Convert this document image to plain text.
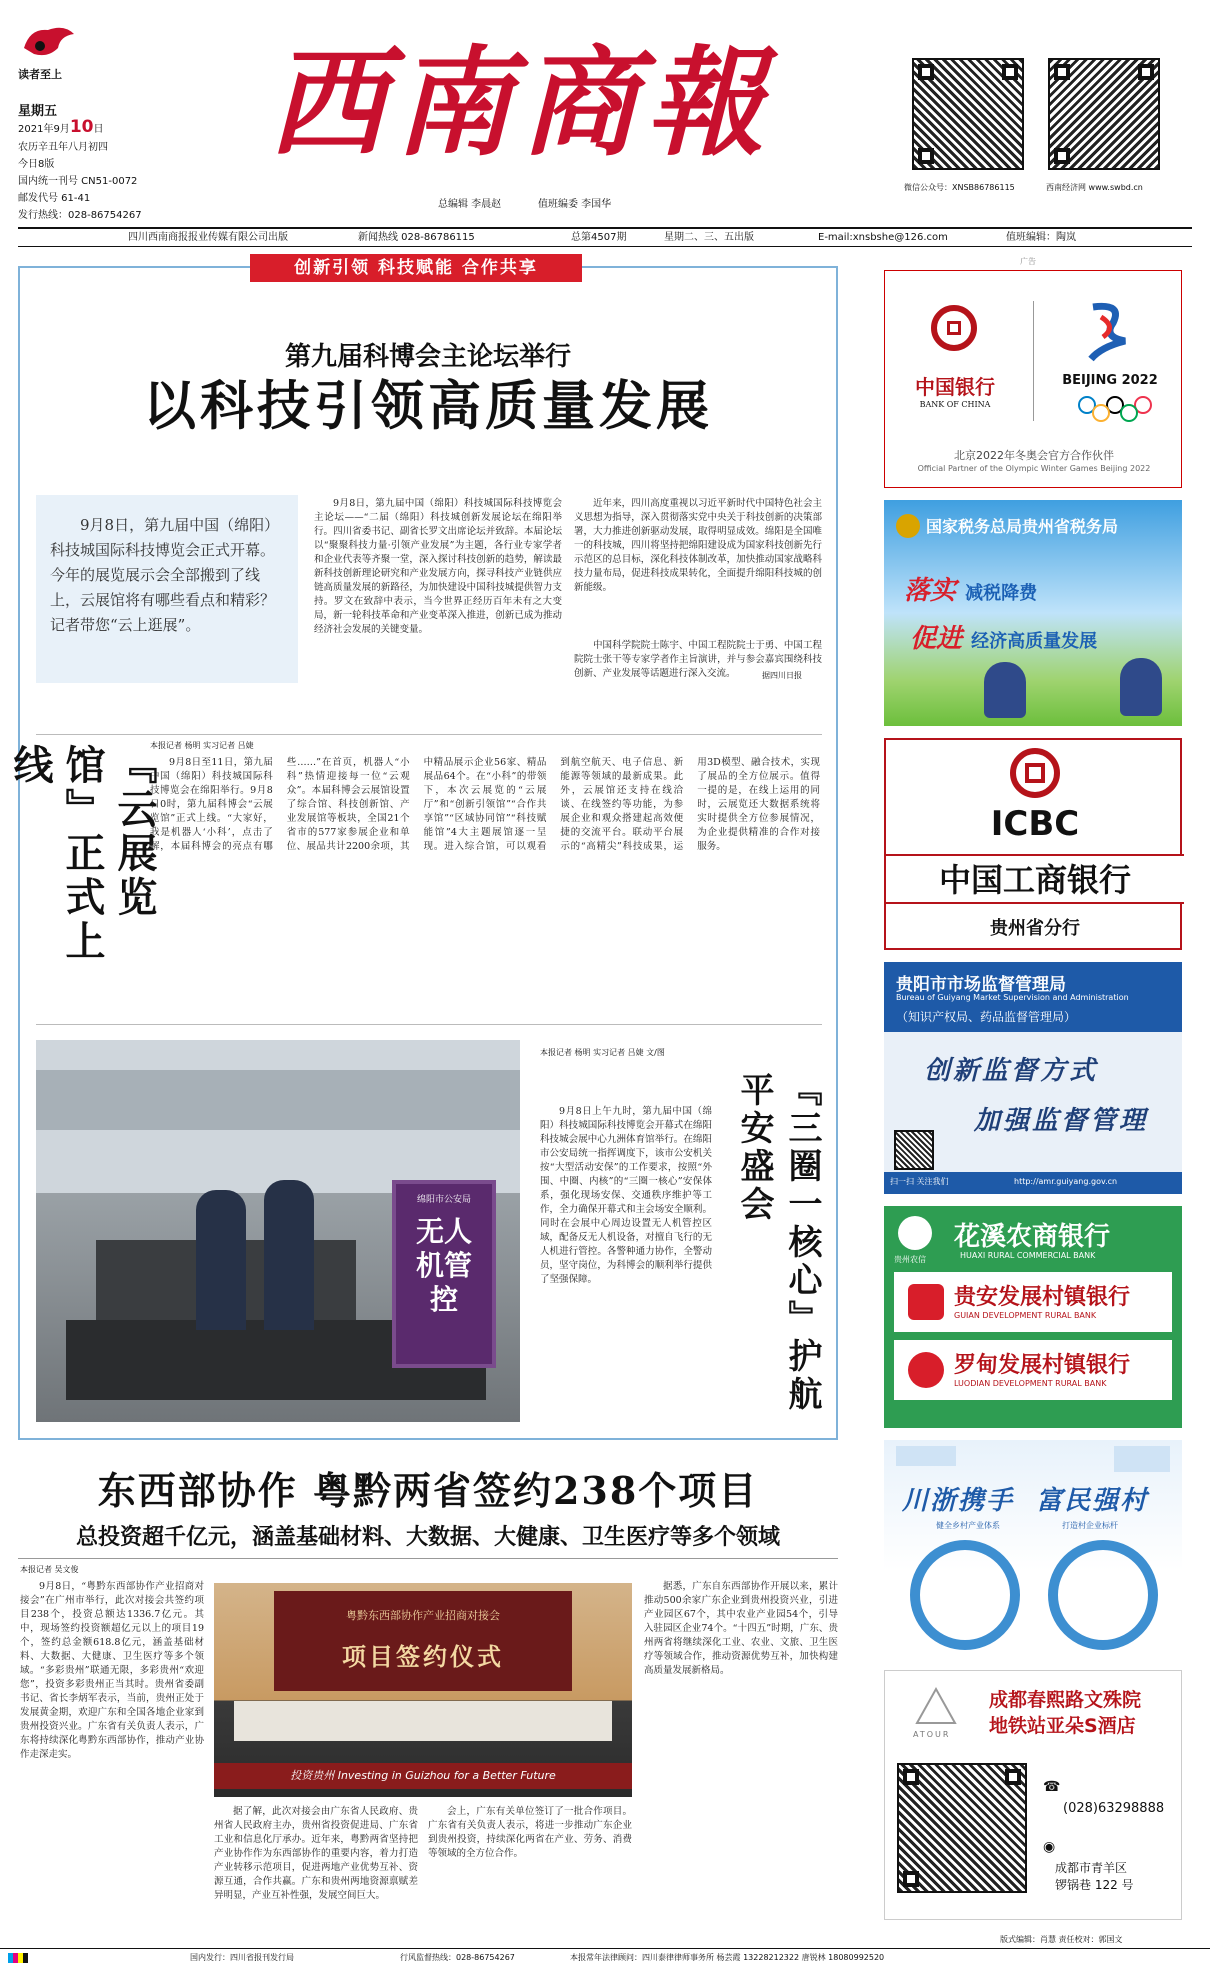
读者至上
星期五
2021年9月10日
农历辛丑年八月初四
今日8版
国内统一刊号 CN51-0072
邮发代号 61-41
发行热线：028-86754267
西南商報
总编辑 李晨赵	值班编委 李国华
微信公众号：XNSB86786115	西南经济网 www.swbd.cn
四川西南商报报业传媒有限公司出版	新闻热线 028-86786115	总第4507期	星期二、三、五出版	E-mail:xnsbshe@126.com	值班编辑：陶岚
创新引领 科技赋能 合作共享
第九届科博会主论坛举行
以科技引领高质量发展
9月8日，第九届中国（绵阳）科技城国际科技博览会正式开幕。今年的展览展示会全部搬到了线上，云展馆将有哪些看点和精彩？记者带您“云上逛展”。
9月8日，第九届中国（绵阳）科技城国际科技博览会主论坛——“二届（绵阳）科技城创新发展论坛在绵阳举行。四川省委书记、副省长罗文出席论坛并致辞。本届论坛以“聚聚科技力量·引领产业发展”为主题，各行业专家学者和企业代表等齐聚一堂，深入探讨科技创新的趋势，解读最新科技创新理论研究和产业发展方向，探寻科技产业链供应链高质量发展的新路径，为加快建设中国科技城提供智力支持。罗文在致辞中表示，当今世界正经历百年未有之大变局，新一轮科技革命和产业变革深入推进，创新已成为推动经济社会发展的关键变量。
近年来，四川高度重视以习近平新时代中国特色社会主义思想为指导，深入贯彻落实党中央关于科技创新的决策部署，大力推进创新驱动发展，取得明显成效。绵阳是全国唯一的科技城，四川将坚持把绵阳建设成为国家科技创新先行示范区的总目标，深化科技体制改革，加快推动国家战略科技力量布局，促进科技成果转化，全面提升绵阳科技城的创新能级。
中国科学院院士陈宇、中国工程院院士于勇、中国工程院院士张干等专家学者作主旨演讲，并与参会嘉宾围绕科技创新、产业发展等话题进行深入交流。	据四川日报
『云展览馆』正式上线	本报记者 杨明 实习记者 吕婕
9月8日至11日，第九届中国（绵阳）科技城国际科技博览会在绵阳举行。9月8日0时，第九届科博会“云展览馆”正式上线。“大家好，我是机器人‘小科’，点击了解，本届科博会的亮点有哪些……”在首页，机器人“小科”热情迎接每一位“云观众”。本届科博会云展馆设置了综合馆、科技创新馆、产业发展馆等板块，全国21个省市的577家参展企业和单位、展品共计2200余项，其中精品展示企业56家、精品展品64个。在“小科”的带领下，本次云展览的“云展厅”和“创新引领馆”“合作共享馆”“区域协同馆”“科技赋能馆”4大主题展馆逐一呈现。进入综合馆，可以观看到航空航天、电子信息、新能源等领域的最新成果。此外，云展馆还支持在线洽谈、在线签约等功能，为参展企业和观众搭建起高效便捷的交流平台。联动平台展示的“高精尖”科技成果，运用3D模型、融合技术，实现了展品的全方位展示。值得一提的是，在线上运用的同时，云展览还大数据系统将实时提供全方位参展情况，为企业提供精准的合作对接服务。
绵阳市公安局
无人机管控
本报记者 杨明 实习记者 吕婕 文/图
9月8日上午九时，第九届中国（绵阳）科技城国际科技博览会开幕式在绵阳科技城会展中心九洲体育馆举行。在绵阳市公安局统一指挥调度下，该市公安机关按“大型活动安保”的工作要求，按照“外围、中圈、内核”的“三圈一核心”安保体系，强化现场安保、交通秩序维护等工作，全力确保开幕式和主会场安全顺利。同时在会展中心周边设置无人机管控区域，配备反无人机设备，对擅自飞行的无人机进行管控。各警种通力协作，全警动员，坚守岗位，为科博会的顺利举行提供了坚强保障。	『三圈一核心』护航平安盛会
东西部协作 粤黔两省签约238个项目
总投资超千亿元，涵盖基础材料、大数据、大健康、卫生医疗等多个领域
本报记者 吴文俊
9月8日，“粤黔东西部协作产业招商对接会”在广州市举行，此次对接会共签约项目238个，投资总额达1336.7亿元。其中，现场签约投资额超亿元以上的项目19个，签约总金额618.8亿元，涵盖基础材料、大数据、大健康、卫生医疗等多个领域。“多彩贵州”联通无限，多彩贵州“欢迎您”，投资多彩贵州正当其时。贵州省委副书记、省长李炳军表示，当前，贵州正处于发展黄金期，欢迎广东和全国各地企业家到贵州投资兴业。广东省有关负责人表示，广东将持续深化粤黔东西部协作，推动产业协作走深走实。
粤黔东西部协作产业招商对接会
项目签约仪式
投资贵州 Investing in Guizhou for a Better Future
据了解，此次对接会由广东省人民政府、贵州省人民政府主办，贵州省投资促进局、广东省工业和信息化厅承办。近年来，粤黔两省坚持把产业协作作为东西部协作的重要内容，着力打造产业转移示范项目，促进两地产业优势互补、资源互通，合作共赢。广东和贵州两地资源禀赋差异明显，产业互补性强，发展空间巨大。
会上，广东有关单位签订了一批合作项目。广东省有关负责人表示，将进一步推动广东企业到贵州投资，持续深化两省在产业、劳务、消费等领域的全方位合作。
据悉，广东自东西部协作开展以来，累计推动500余家广东企业到贵州投资兴业，引进产业园区67个，其中农业产业园54个，引导入驻园区企业74个。“十四五”时期，广东、贵州两省将继续深化工业、农业、文旅、卫生医疗等领域合作，推动资源优势互补，加快构建高质量发展新格局。
广告
中国银行
BANK OF CHINA
BEIJING 2022
北京2022年冬奥会官方合作伙伴
Official Partner of the Olympic Winter Games Beijing 2022
国家税务总局贵州省税务局
落实 减税降费
促进 经济高质量发展
ICBC
中国工商银行
贵州省分行
贵阳市市场监督管理局
Bureau of Guiyang Market Supervision and Administration
（知识产权局、药品监督管理局）
创新监督方式
加强监督管理
扫一扫 关注我们	http://amr.guiyang.gov.cn
贵州农信
花溪农商银行
HUAXI RURAL COMMERCIAL BANK
贵安发展村镇银行
GUIAN DEVELOPMENT RURAL BANK
罗甸发展村镇银行
LUODIAN DEVELOPMENT RURAL BANK
川浙携手 富民强村
健全乡村产业体系	打造村企业标杆
ATOUR
成都春熙路文殊院
地铁站亚朵S酒店
☎
(028)63298888
◉
成都市青羊区
锣锅巷 122 号
版式编辑：肖慧 责任校对：郭国文
国内发行：四川省报刊发行局	行风监督热线：028-86754267	本报常年法律顾问：四川泰律律师事务所 杨芸霞 13228212322 唐锐林 18080992520
